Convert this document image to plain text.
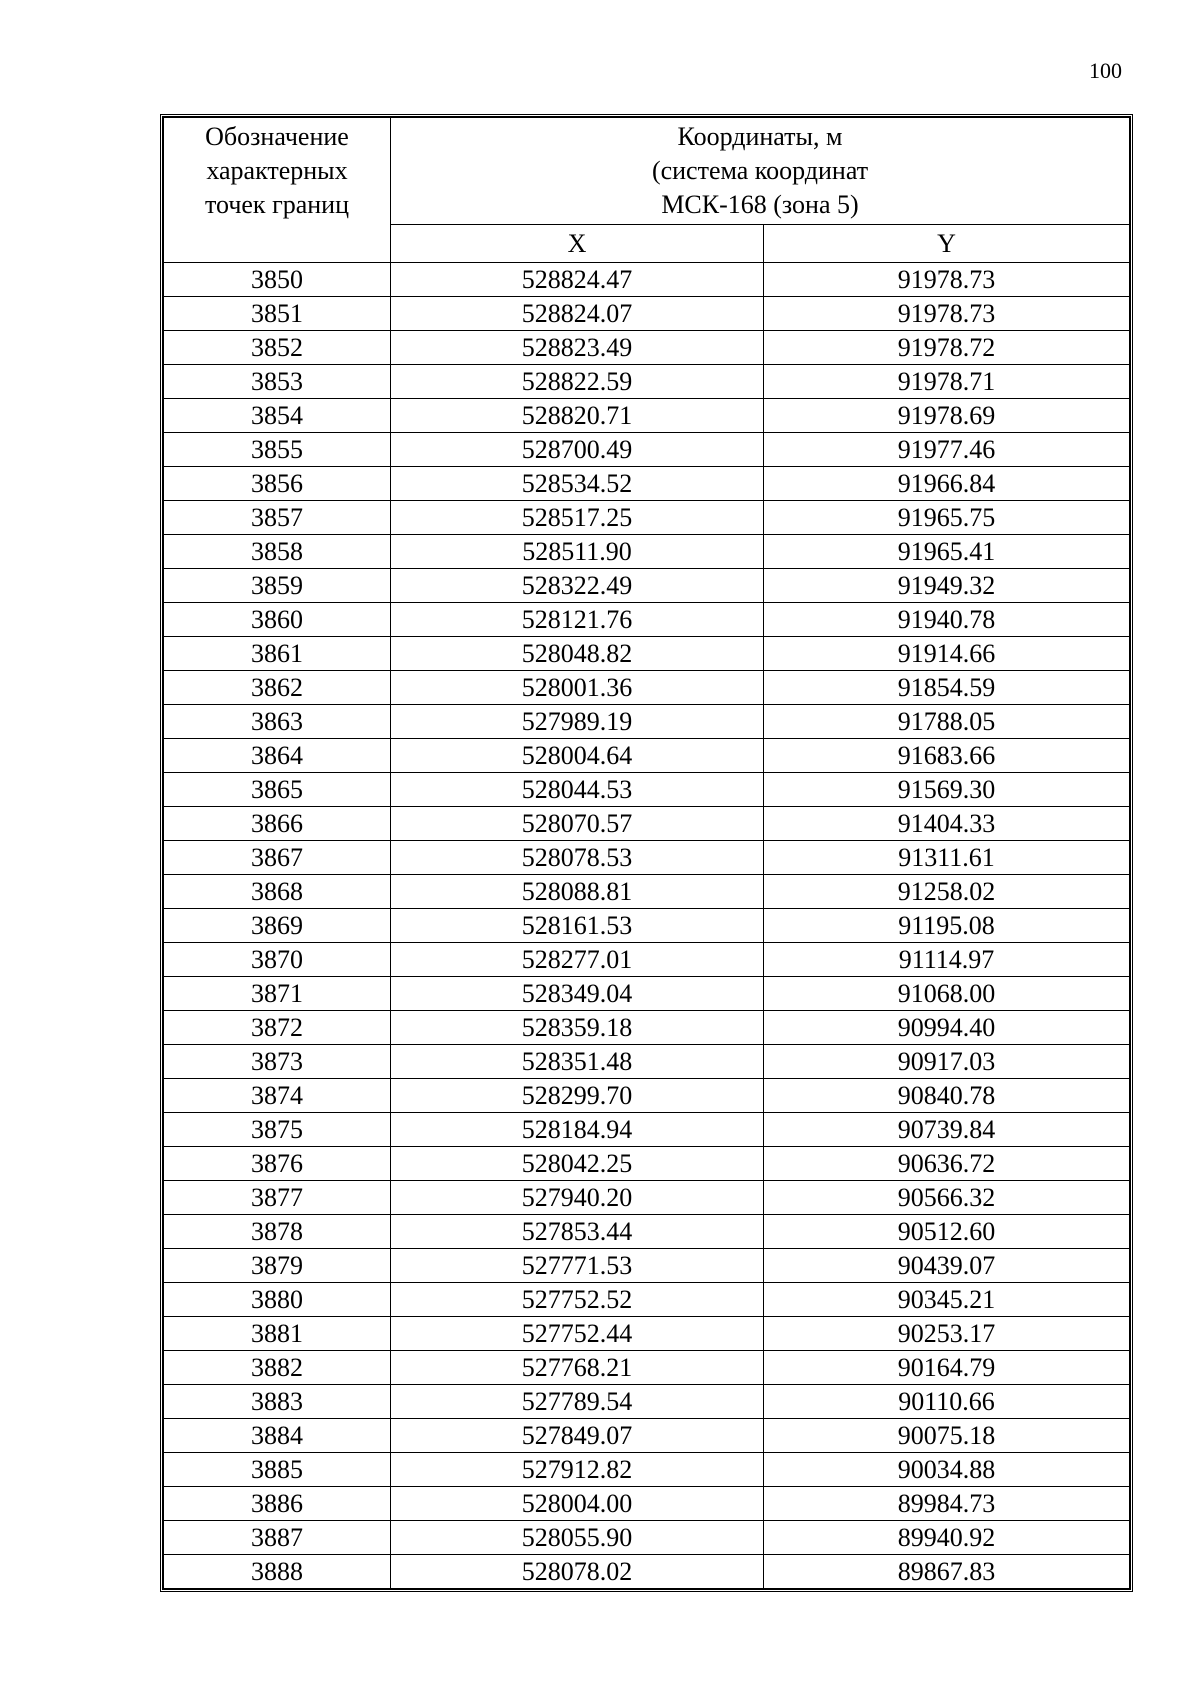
100
Обозначение
характерных
точек границ	Координаты, м
(система координат
МСК-168 (зона 5)	

	X	Y
3850	528824.47	91978.73
3851	528824.07	91978.73
3852	528823.49	91978.72
3853	528822.59	91978.71
3854	528820.71	91978.69
3855	528700.49	91977.46
3856	528534.52	91966.84
3857	528517.25	91965.75
3858	528511.90	91965.41
3859	528322.49	91949.32
3860	528121.76	91940.78
3861	528048.82	91914.66
3862	528001.36	91854.59
3863	527989.19	91788.05
3864	528004.64	91683.66
3865	528044.53	91569.30
3866	528070.57	91404.33
3867	528078.53	91311.61
3868	528088.81	91258.02
3869	528161.53	91195.08
3870	528277.01	91114.97
3871	528349.04	91068.00
3872	528359.18	90994.40
3873	528351.48	90917.03
3874	528299.70	90840.78
3875	528184.94	90739.84
3876	528042.25	90636.72
3877	527940.20	90566.32
3878	527853.44	90512.60
3879	527771.53	90439.07
3880	527752.52	90345.21
3881	527752.44	90253.17
3882	527768.21	90164.79
3883	527789.54	90110.66
3884	527849.07	90075.18
3885	527912.82	90034.88
3886	528004.00	89984.73
3887	528055.90	89940.92
3888	528078.02	89867.83
